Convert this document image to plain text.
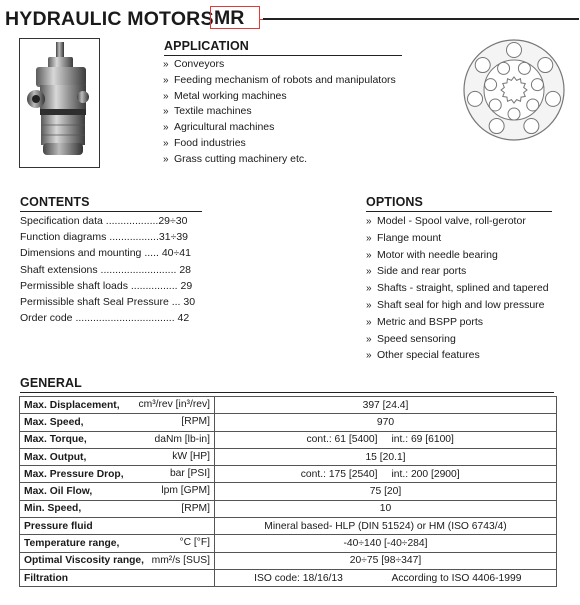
HYDRAULIC MOTORS MR
APPLICATION
» Conveyors
» Feeding mechanism of robots and manipulators
» Metal working machines
» Textile machines
» Agricultural machines
» Food industries
» Grass cutting machinery etc.
CONTENTS
Specification data ..................29÷30
Function diagrams .................31÷39
Dimensions and mounting ..... 40÷41
Shaft extensions .......................... 28
Permissible shaft loads ................ 29
Permissible shaft Seal Pressure ... 30
Order code .................................. 42
OPTIONS
» Model - Spool valve, roll-gerotor
» Flange mount
» Motor with needle bearing
» Side and rear ports
» Shafts - straight, splined and tapered
» Shaft seal for high and low pressure
» Metric and BSPP ports
» Speed sensoring
» Other special features
GENERAL
Max. Displacement, cm³/rev [in³/rev]	397 [24.4]
Max. Speed, [RPM]	970
Max. Torque, daNm [lb-in]	cont.: 61 [5400] int.: 69 [6100]
Max. Output, kW [HP]	15 [20.1]
Max. Pressure Drop, bar [PSI]	cont.: 175 [2540] int.: 200 [2900]
Max. Oil Flow, lpm [GPM]	75 [20]
Min. Speed, [RPM]	10
Pressure fluid	Mineral based- HLP (DIN 51524) or HM (ISO 6743/4)
Temperature range, °C [°F]	-40÷140 [-40÷284]
Optimal Viscosity range, mm²/s [SUS]	20÷75 [98÷347]
Filtration	ISO code: 18/16/13 According to ISO 4406-1999
